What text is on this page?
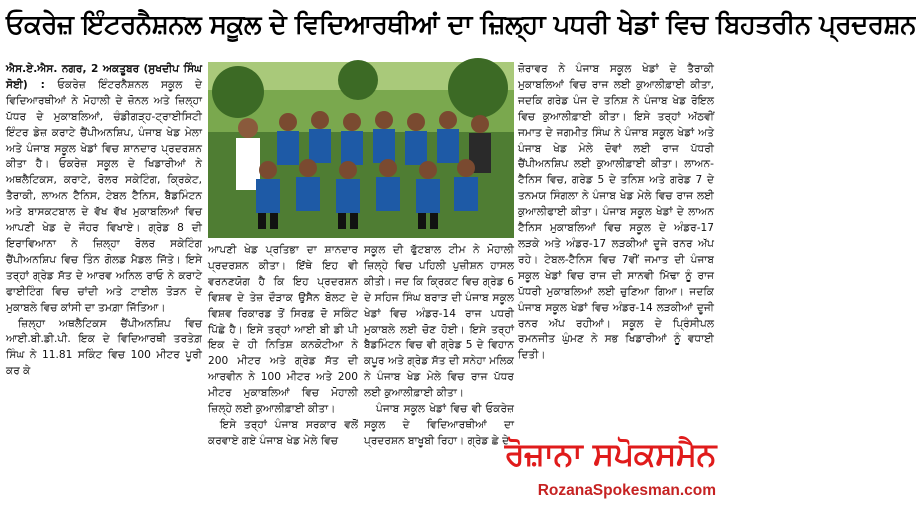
ਓਕਰੇਜ਼ ਇੰਟਰਨੈਸ਼ਨਲ ਸਕੂਲ ਦੇ ਵਿਦਿਆਰਥੀਆਂ ਦਾ ਜ਼ਿਲ੍ਹਾ ਪਧਰੀ ਖੇਡਾਂ ਵਿਚ ਬਿਹਤਰੀਨ ਪ੍ਰਦਰਸ਼ਨ

ਐਸ.ਏ.ਐਸ. ਨਗਰ, 2 ਅਕਤੂਬਰ (ਸੁਖਦੀਪ ਸਿੰਘ ਸੋਈ) : ਓਕਰੇਜ਼ ਇੰਟਰਨੈਸ਼ਨਲ ਸਕੂਲ ਦੇ ਵਿਦਿਆਰਥੀਆਂ ਨੇ ਮੋਹਾਲੀ ਦੇ ਜ਼ੋਨਲ ਅਤੇ ਜ਼ਿਲ੍ਹਾ ਪੱਧਰ ਦੇ ਮੁਕਾਬਲਿਆਂ, ਚੰਡੀਗੜ੍ਹ-ਟ੍ਰਾਈਸਿਟੀ ਇੰਟਰ ਡੇਜ਼ ਕਰਾਟੇ ਚੈਂਪੀਅਨਸ਼ਿਪ, ਪੰਜਾਬ ਖੇਡ ਮੇਲਾ ਅਤੇ ਪੰਜਾਬ ਸਕੂਲ ਖੇਡਾਂ ਵਿਚ ਸ਼ਾਨਦਾਰ ਪ੍ਰਦਰਸ਼ਨ ਕੀਤਾ ਹੈ। ਓਕਰੇਜ਼ ਸਕੂਲ ਦੇ ਖਿਡਾਰੀਆਂ ਨੇ ਅਥਲੈਟਿਕਸ, ਕਰਾਟੇ, ਰੋਲਰ ਸਕੇਟਿੰਗ, ਕ੍ਰਿਕੇਟ, ਤੈਰਾਕੀ, ਲਾਅਨ ਟੈਨਿਸ, ਟੇਬਲ ਟੈਨਿਸ, ਬੈਡਮਿੰਟਨ ਅਤੇ ਬਾਸਕਟਬਾਲ ਦੇ ਵੱਖ ਵੱਖ ਮੁਕਾਬਲਿਆਂ ਵਿਚ ਆਪਣੀ ਖੇਡ ਦੇ ਜੌਹਰ ਵਿਖਾਏ। ਗ੍ਰੇਡ 8 ਦੀ ਇਰਾਵਿਆਨਾ ਨੇ ਜ਼ਿਲ੍ਹਾ ਰੋਲਰ ਸਕੇਟਿੰਗ ਚੈਂਪੀਅਨਸ਼ਿਪ ਵਿਚ ਤਿੰਨ ਗੋਲਡ ਮੈਡਲ ਜਿੱਤੇ। ਇਸੇ ਤਰ੍ਹਾਂ ਗ੍ਰੇਡ ਸੱਤ ਦੇ ਆਰਵ ਅਨਿਲ ਰਾਓ ਨੇ ਕਰਾਟੇ ਫਾਈਟਿੰਗ ਵਿਚ ਚਾਂਦੀ ਅਤੇ ਟਾਈਲ ਤੋੜਨ ਦੇ ਮੁਕਾਬਲੇ ਵਿਚ ਕਾਂਸੀ ਦਾ ਤਮਗ਼ਾ ਜਿੱਤਿਆ।

ਜ਼ਿਲ੍ਹਾ ਅਥਲੈਟਿਕਸ ਚੈਂਪੀਅਨਸ਼ਿਪ ਵਿਚ ਆਈ.ਬੀ.ਡੀ.ਪੀ. ਇਕ ਦੇ ਵਿਦਿਆਰਥੀ ਤਰਤੇਗ਼ ਸਿੰਘ ਨੇ 11.81 ਸਕਿੰਟ ਵਿਚ 100 ਮੀਟਰ ਪੂਰੀ ਕਰ ਕੇ

ਆਪਣੀ ਖੇਡ ਪ੍ਰਤਿਭਾ ਦਾ ਸ਼ਾਨਦਾਰ ਪ੍ਰਦਰਸ਼ਨ ਕੀਤਾ। ਇੱਥੇ ਇਹ ਵੀ ਵਰਨਣਯੋਗ ਹੈ ਕਿ ਇਹ ਪ੍ਰਦਰਸ਼ਨ ਵਿਸ਼ਵ ਦੇ ਤੇਜ਼ ਦੌੜਾਕ ਉਸੈਨ ਬੋਲਟ ਦੇ ਵਿਸ਼ਵ ਰਿਕਾਰਡ ਤੋਂ ਸਿਰਫ਼ ਦੋ ਸਕਿੰਟ ਪਿੱਛੇ ਹੈ। ਇਸੇ ਤਰ੍ਹਾਂ ਆਈ ਬੀ ਡੀ ਪੀ ਇਕ ਦੇ ਹੀ ਨਿਤਿਸ਼ ਕਨਕੋਟੀਆ ਨੇ 200 ਮੀਟਰ ਅਤੇ ਗ੍ਰੇਡ ਸੱਤ ਦੀ ਆਰਵੀਨ ਨੇ 100 ਮੀਟਰ ਅਤੇ 200 ਮੀਟਰ ਮੁਕਾਬਲਿਆਂ ਵਿਚ ਮੋਹਾਲੀ ਜ਼ਿਲ੍ਹੇ ਲਈ ਕੁਆਲੀਫ਼ਾਈ ਕੀਤਾ।

ਇਸੇ ਤਰ੍ਹਾਂ ਪੰਜਾਬ ਸਰਕਾਰ ਵਲੋਂ ਕਰਵਾਏ ਗਏ ਪੰਜਾਬ ਖੇਡ ਮੇਲੇ ਵਿਚ

ਸਕੂਲ ਦੀ ਫੁੱਟਬਾਲ ਟੀਮ ਨੇ ਮੋਹਾਲੀ ਜ਼ਿਲ੍ਹੇ ਵਿਚ ਪਹਿਲੀ ਪੁਜ਼ੀਸ਼ਨ ਹਾਸਲ ਕੀਤੀ। ਜਦ ਕਿ ਕ੍ਰਿਕਟ ਵਿਚ ਗ੍ਰੇਡ 6 ਦੇ ਸਹਿਜ ਸਿੰਘ ਬਰਾੜ ਦੀ ਪੰਜਾਬ ਸਕੂਲ ਖੇਡਾਂ ਵਿਚ ਅੰਡਰ-14 ਰਾਜ ਪਧਰੀ ਮੁਕਾਬਲੇ ਲਈ ਚੋਣ ਹੋਈ। ਇਸੇ ਤਰ੍ਹਾਂ ਬੈਡਮਿੰਟਨ ਵਿਚ ਵੀ ਗ੍ਰੇਡ 5 ਦੇ ਵਿਹਾਨ ਕਪੂਰ ਅਤੇ ਗ੍ਰੇਡ ਸੱਤ ਦੀ ਸਨੇਹਾ ਮਲਿਕ ਨੇ ਪੰਜਾਬ ਖੇਡ ਮੇਲੇ ਵਿਚ ਰਾਜ ਪੱਧਰ ਲਈ ਕੁਆਲੀਫ਼ਾਈ ਕੀਤਾ।

ਪੰਜਾਬ ਸਕੂਲ ਖੇਡਾਂ ਵਿਚ ਵੀ ਓਕਰੇਜ਼ ਸਕੂਲ ਦੇ ਵਿਦਿਆਰਥੀਆਂ ਦਾ ਪ੍ਰਦਰਸ਼ਨ ਬਾਖੂਬੀ ਰਿਹਾ। ਗ੍ਰੇਡ ਛੇ ਦੇ

ਜ਼ੋਰਾਵਰ ਨੇ ਪੰਜਾਬ ਸਕੂਲ ਖੇਡਾਂ ਦੇ ਤੈਰਾਕੀ ਮੁਕਾਬਲਿਆਂ ਵਿਚ ਰਾਜ ਲਈ ਕੁਆਲੀਫ਼ਾਈ ਕੀਤਾ, ਜਦਕਿ ਗਰੇਡ ਪੰਜ ਦੇ ਤਨਿਸ਼ ਨੇ ਪੰਜਾਬ ਖੇਡ ਰੋਇਲ ਵਿਚ ਕੁਆਲੀਫ਼ਾਈ ਕੀਤਾ। ਇਸੇ ਤਰ੍ਹਾਂ ਅੱਠਵੀਂ ਜਮਾਤ ਦੇ ਜਗਮੀਤ ਸਿੰਘ ਨੇ ਪੰਜਾਬ ਸਕੂਲ ਖੇਡਾਂ ਅਤੇ ਪੰਜਾਬ ਖੇਡ ਮੇਲੇ ਦੋਵਾਂ ਲਈ ਰਾਜ ਪੱਧਰੀ ਚੈਂਪੀਅਨਸ਼ਿਪ ਲਈ ਕੁਆਲੀਫ਼ਾਈ ਕੀਤਾ। ਲਾਅਨ-ਟੈਨਿਸ ਵਿਚ, ਗਰੇਡ 5 ਦੇ ਤਨਿਸ਼ ਅਤੇ ਗਰੇਡ 7 ਦੇ ਤਨਮਯ ਸਿੰਗਲਾ ਨੇ ਪੰਜਾਬ ਖੇਡ ਮੇਲੇ ਵਿਚ ਰਾਜ ਲਈ ਕੁਆਲੀਫਾਈ ਕੀਤਾ। ਪੰਜਾਬ ਸਕੂਲ ਖੇਡਾਂ ਦੇ ਲਾਅਨ ਟੈਨਿਸ ਮੁਕਾਬਲਿਆਂ ਵਿਚ ਸਕੂਲ ਦੇ ਅੰਡਰ-17 ਲੜਕੇ ਅਤੇ ਅੰਡਰ-17 ਲੜਕੀਆਂ ਦੂਜੇ ਰਨਰ ਅੱਪ ਰਹੇ। ਟੇਬਲ-ਟੈਨਿਸ ਵਿਚ 7ਵੀਂ ਜਮਾਤ ਦੀ ਪੰਜਾਬ ਸਕੂਲ ਖੇਡਾਂ ਵਿਚ ਰਾਜ ਦੀ ਸਾਨਵੀ ਮਿੱਢਾ ਨੂੰ ਰਾਜ ਪੱਧਰੀ ਮੁਕਾਬਲਿਆਂ ਲਈ ਚੁਣਿਆ ਗਿਆ। ਜਦਕਿ ਪੰਜਾਬ ਸਕੂਲ ਖੇਡਾਂ ਵਿਚ ਅੰਡਰ-14 ਲੜਕੀਆਂ ਦੂਜੀ ਰਨਰ ਅੱਪ ਰਹੀਆਂ। ਸਕੂਲ ਦੇ ਪ੍ਰਿੰਸੀਪਲ ਰਮਨਜੀਤ ਘੁੰਮਣ ਨੇ ਸਭ ਖਿਡਾਰੀਆਂ ਨੂੰ ਵਧਾਈ ਦਿਤੀ।

ਰੋਜ਼ਾਨਾ ਸਪੋਕਸਮੈਨ
RozanaSpokesman.com
